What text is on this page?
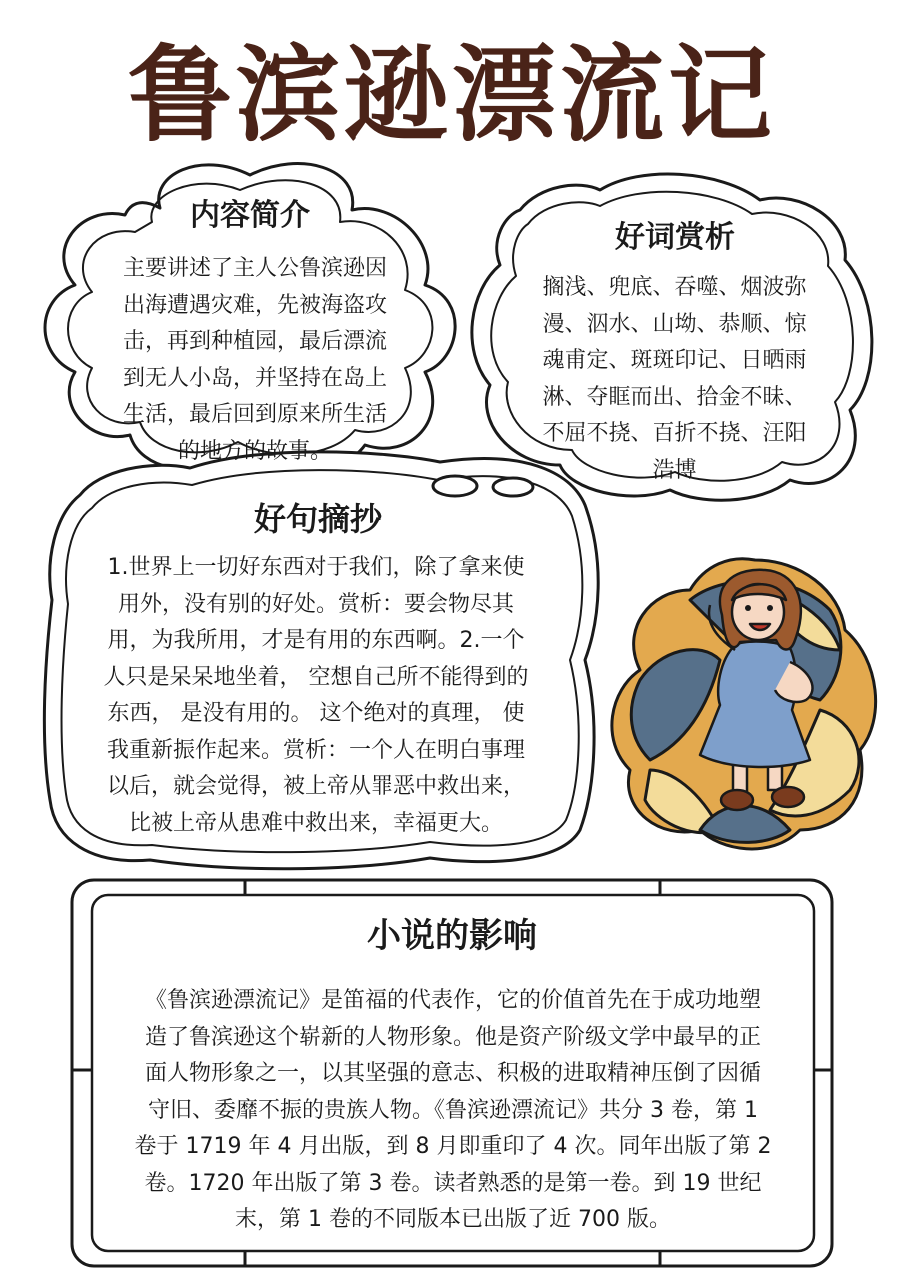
鲁滨逊漂流记
内容简介
主要讲述了主人公鲁滨逊因
出海遭遇灾难，先被海盗攻
击，再到种植园，最后漂流
到无人小岛，并坚持在岛上
生活，最后回到原来所生活
的地方的故事。
好词赏析
搁浅、兜底、吞噬、烟波弥
漫、泅水、山坳、恭顺、惊
魂甫定、斑斑印记、日晒雨
淋、夺眶而出、拾金不昧、
不屈不挠、百折不挠、汪阳
浩博
好句摘抄
1.世界上一切好东西对于我们，除了拿来使
用外，没有别的好处。赏析：要会物尽其
用，为我所用，才是有用的东西啊。2.一个
人只是呆呆地坐着， 空想自己所不能得到的
东西， 是没有用的。 这个绝对的真理， 使
我重新振作起来。赏析：一个人在明白事理
以后，就会觉得，被上帝从罪恶中救出来，
比被上帝从患难中救出来，幸福更大。
小说的影响
《鲁滨逊漂流记》是笛福的代表作，它的价值首先在于成功地塑
造了鲁滨逊这个崭新的人物形象。他是资产阶级文学中最早的正
面人物形象之一，以其坚强的意志、积极的进取精神压倒了因循
守旧、委靡不振的贵族人物。《鲁滨逊漂流记》共分 3 卷，第 1
卷于 1719 年 4 月出版，到 8 月即重印了 4 次。同年出版了第 2
卷。1720 年出版了第 3 卷。读者熟悉的是第一卷。到 19 世纪
末，第 1 卷的不同版本已出版了近 700 版。
